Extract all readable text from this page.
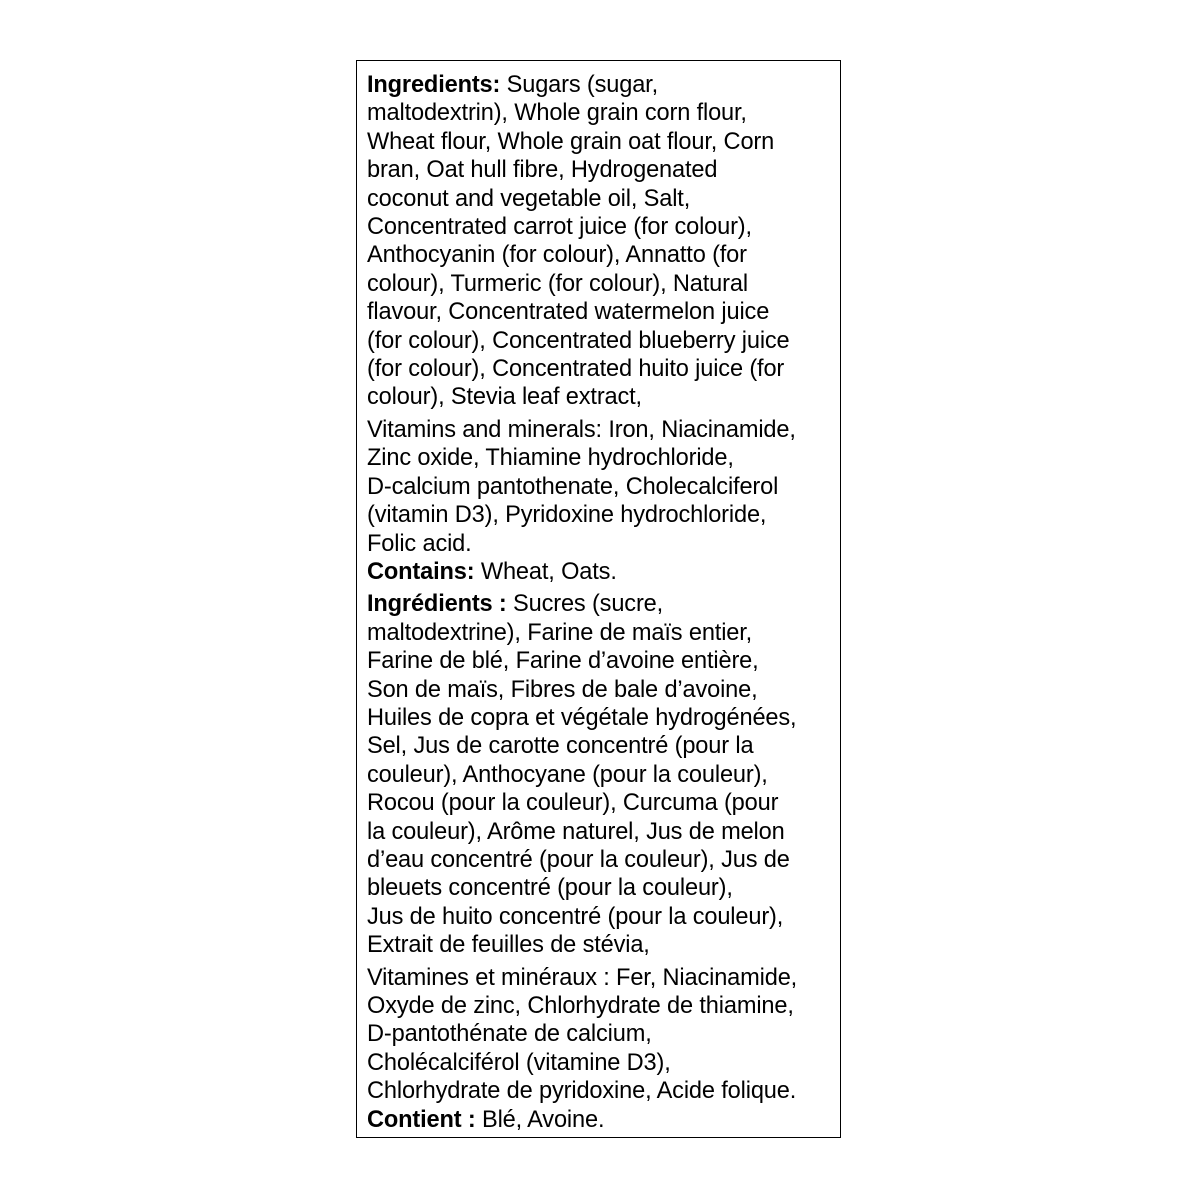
Ingredients: Sugars (sugar,
maltodextrin), Whole grain corn flour,
Wheat flour, Whole grain oat flour, Corn
bran, Oat hull fibre, Hydrogenated
coconut and vegetable oil, Salt,
Concentrated carrot juice (for colour),
Anthocyanin (for colour), Annatto (for
colour), Turmeric (for colour), Natural
flavour, Concentrated watermelon juice
(for colour), Concentrated blueberry juice
(for colour), Concentrated huito juice (for
colour), Stevia leaf extract,

Vitamins and minerals: Iron, Niacinamide,
Zinc oxide, Thiamine hydrochloride,
D-calcium pantothenate, Cholecalciferol
(vitamin D3), Pyridoxine hydrochloride,
Folic acid.

Contains: Wheat, Oats.

Ingrédients : Sucres (sucre,
maltodextrine), Farine de maïs entier,
Farine de blé, Farine d’avoine entière,
Son de maïs, Fibres de bale d’avoine,
Huiles de copra et végétale hydrogénées,
Sel, Jus de carotte concentré (pour la
couleur), Anthocyane (pour la couleur),
Rocou (pour la couleur), Curcuma (pour
la couleur), Arôme naturel, Jus de melon
d’eau concentré (pour la couleur), Jus de
bleuets concentré (pour la couleur),
Jus de huito concentré (pour la couleur),
Extrait de feuilles de stévia,

Vitamines et minéraux : Fer, Niacinamide,
Oxyde de zinc, Chlorhydrate de thiamine,
D-pantothénate de calcium,
Cholécalciférol (vitamine D3),
Chlorhydrate de pyridoxine, Acide folique.

Contient : Blé, Avoine.
